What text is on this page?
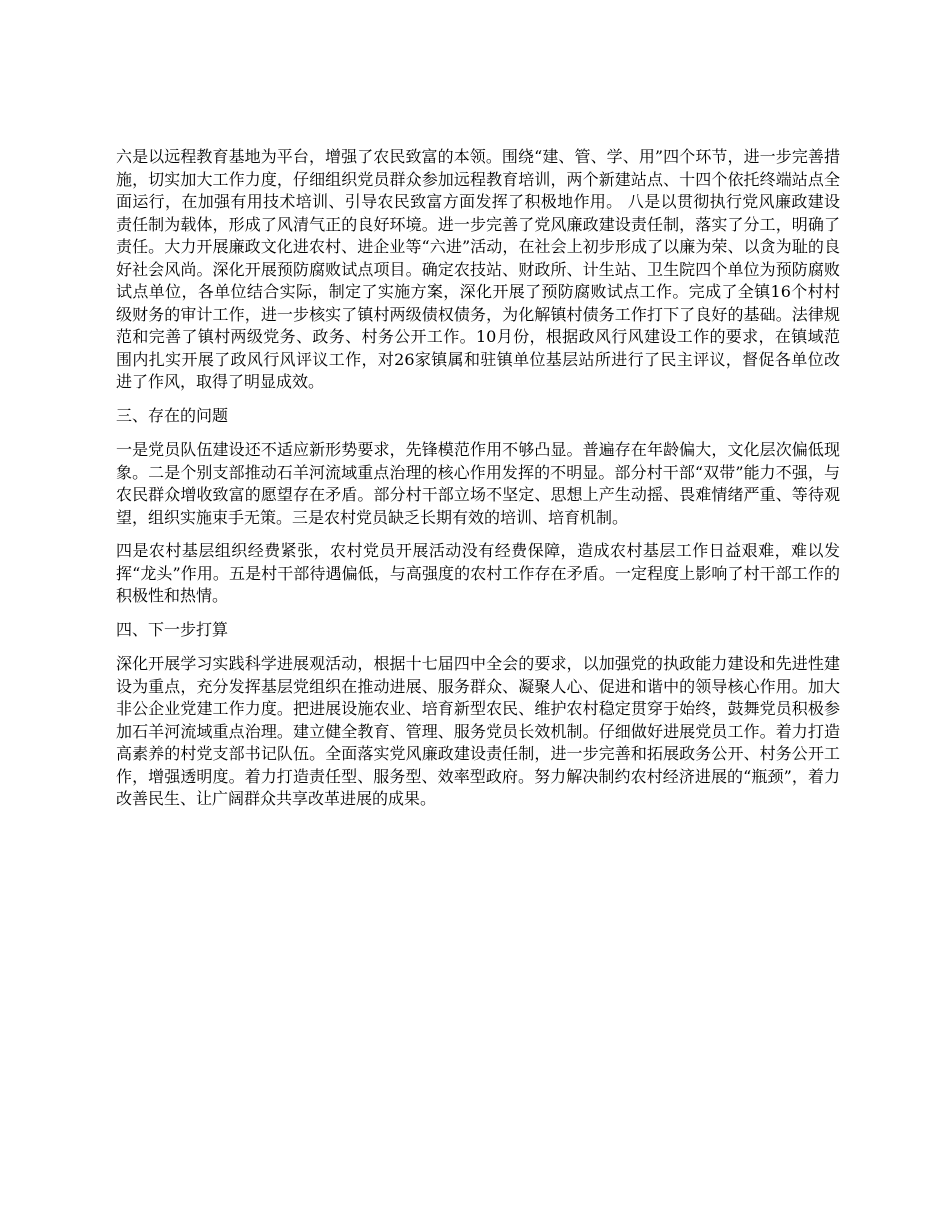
六是以远程教育基地为平台，增强了农民致富的本领。围绕“建、管、学、用”四个环节，进一步完善措施，切实加大工作力度，仔细组织党员群众参加远程教育培训，两个新建站点、十四个依托终端站点全面运行，在加强有用技术培训、引导农民致富方面发挥了积极地作用。 八是以贯彻执行党风廉政建设责任制为载体，形成了风清气正的良好环境。进一步完善了党风廉政建设责任制，落实了分工，明确了责任。大力开展廉政文化进农村、进企业等“六进”活动，在社会上初步形成了以廉为荣、以贪为耻的良好社会风尚。深化开展预防腐败试点项目。确定农技站、财政所、计生站、卫生院四个单位为预防腐败试点单位，各单位结合实际，制定了实施方案，深化开展了预防腐败试点工作。完成了全镇16个村村级财务的审计工作，进一步核实了镇村两级债权债务，为化解镇村债务工作打下了良好的基础。法律规范和完善了镇村两级党务、政务、村务公开工作。10月份，根据政风行风建设工作的要求，在镇域范围内扎实开展了政风行风评议工作，对26家镇属和驻镇单位基层站所进行了民主评议，督促各单位改进了作风，取得了明显成效。

三、存在的问题

一是党员队伍建设还不适应新形势要求，先锋模范作用不够凸显。普遍存在年龄偏大，文化层次偏低现象。二是个别支部推动石羊河流域重点治理的核心作用发挥的不明显。部分村干部“双带”能力不强，与农民群众增收致富的愿望存在矛盾。部分村干部立场不坚定、思想上产生动摇、畏难情绪严重、等待观望，组织实施束手无策。三是农村党员缺乏长期有效的培训、培育机制。

四是农村基层组织经费紧张，农村党员开展活动没有经费保障，造成农村基层工作日益艰难，难以发挥“龙头”作用。五是村干部待遇偏低，与高强度的农村工作存在矛盾。一定程度上影响了村干部工作的积极性和热情。

四、下一步打算

深化开展学习实践科学进展观活动，根据十七届四中全会的要求，以加强党的执政能力建设和先进性建设为重点，充分发挥基层党组织在推动进展、服务群众、凝聚人心、促进和谐中的领导核心作用。加大非公企业党建工作力度。把进展设施农业、培育新型农民、维护农村稳定贯穿于始终，鼓舞党员积极参加石羊河流域重点治理。建立健全教育、管理、服务党员长效机制。仔细做好进展党员工作。着力打造高素养的村党支部书记队伍。全面落实党风廉政建设责任制，进一步完善和拓展政务公开、村务公开工作，增强透明度。着力打造责任型、服务型、效率型政府。努力解决制约农村经济进展的“瓶颈”，着力改善民生、让广阔群众共享改革进展的成果。
